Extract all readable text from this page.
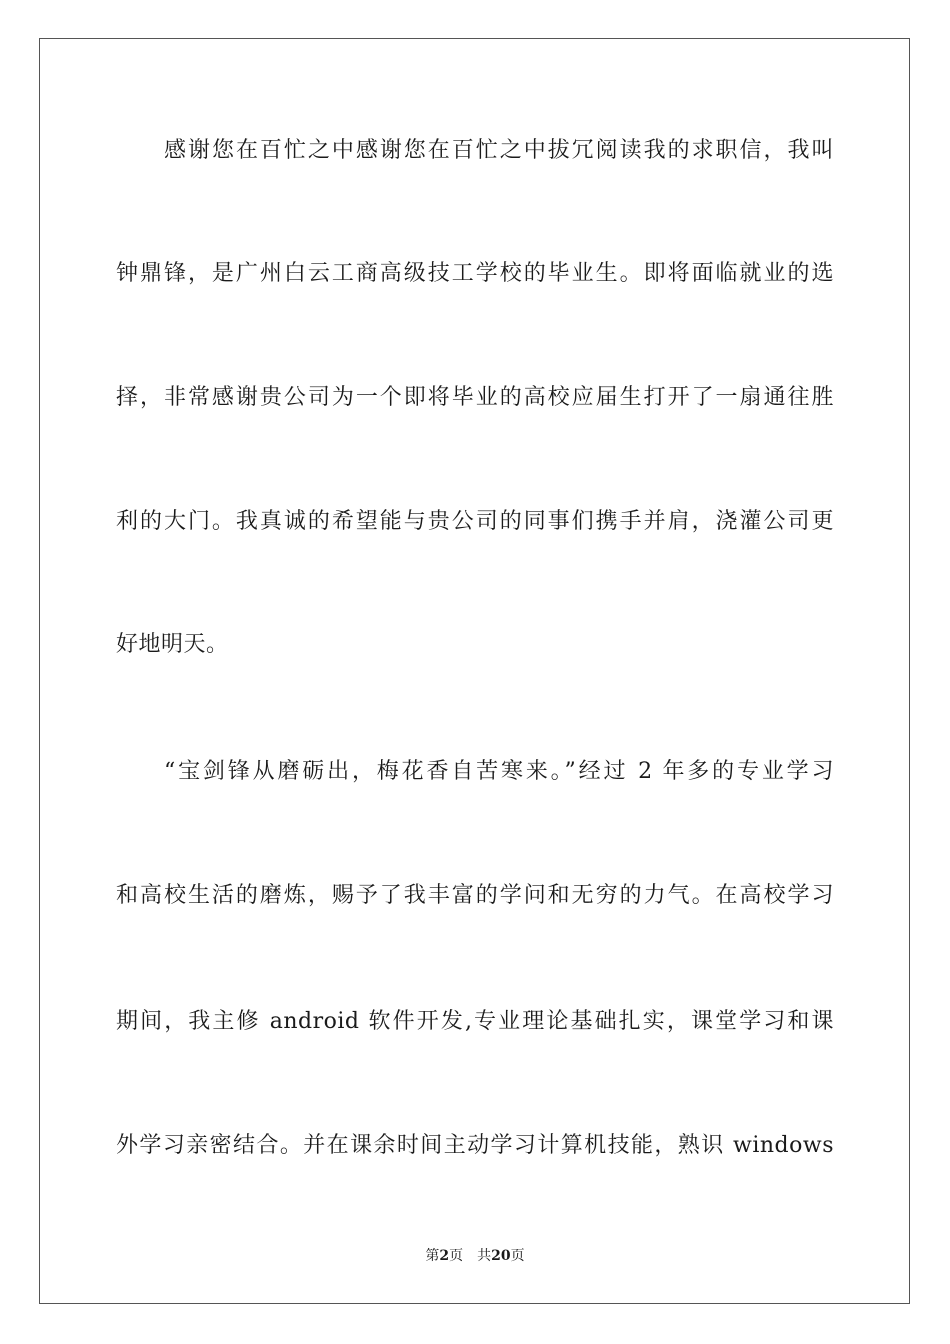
感谢您在百忙之中感谢您在百忙之中拔冗阅读我的求职信，我叫
钟鼎锋，是广州白云工商高级技工学校的毕业生。即将面临就业的选
择，非常感谢贵公司为一个即将毕业的高校应届生打开了一扇通往胜
利的大门。我真诚的希望能与贵公司的同事们携手并肩，浇灌公司更
好地明天。
“宝剑锋从磨砺出，梅花香自苦寒来。”经过 2 年多的专业学习
和高校生活的磨炼，赐予了我丰富的学问和无穷的力气。在高校学习
期间，我主修 android 软件开发,专业理论基础扎实，课堂学习和课
外学习亲密结合。并在课余时间主动学习计算机技能，熟识 windows
第2页 共20页
